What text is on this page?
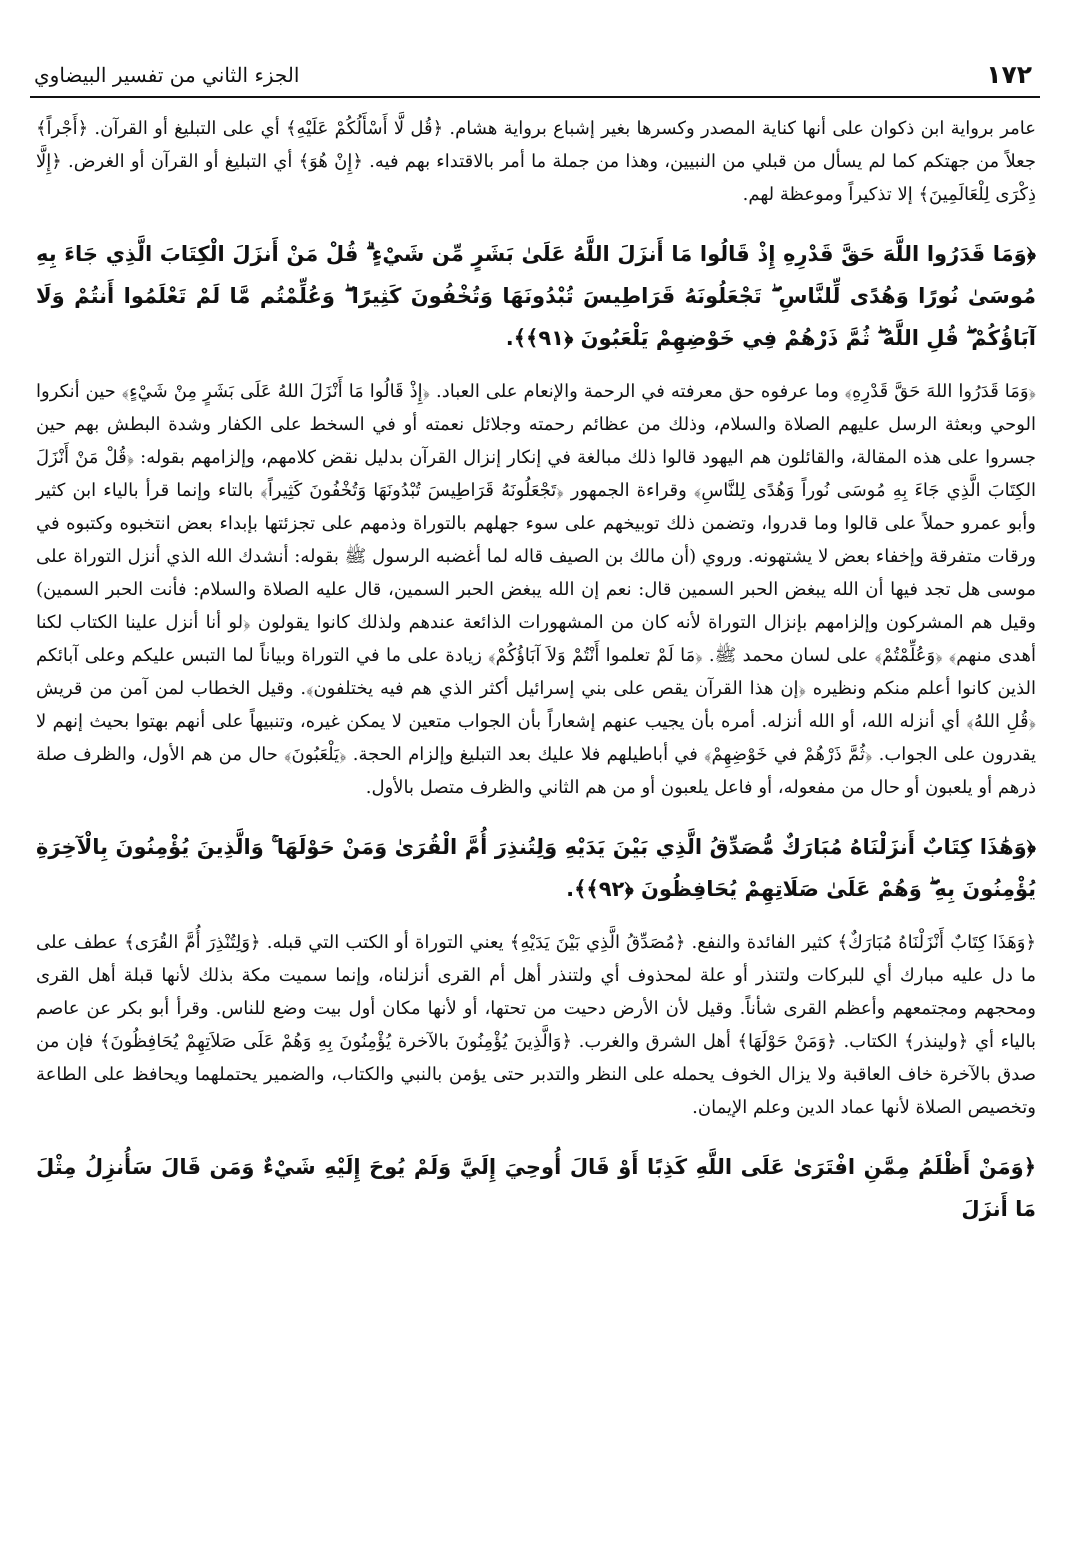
١٧٢
الجزء الثاني من تفسير البيضاوي

عامر برواية ابن ذكوان على أنها كناية المصدر وكسرها بغير إشباع برواية هشام. ﴿قُل لَّا أَسْأَلُكُمْ عَلَيْهِ﴾ أي على التبليغ أو القرآن. ﴿أَجْراً﴾ جعلاً من جهتكم كما لم يسأل من قبلي من النبيين، وهذا من جملة ما أمر بالاقتداء بهم فيه. ﴿إِنْ هُوَ﴾ أي التبليغ أو القرآن أو الغرض. ﴿إِلَّا ذِكْرَى لِلْعَالَمِينَ﴾ إلا تذكيراً وموعظة لهم.

﴿وَمَا قَدَرُوا اللَّهَ حَقَّ قَدْرِهِ إِذْ قَالُوا مَا أَنزَلَ اللَّهُ عَلَىٰ بَشَرٍ مِّن شَيْءٍ ۗ قُلْ مَنْ أَنزَلَ الْكِتَابَ الَّذِي جَاءَ بِهِ مُوسَىٰ نُورًا وَهُدًى لِّلنَّاسِ ۖ تَجْعَلُونَهُ قَرَاطِيسَ تُبْدُونَهَا وَتُخْفُونَ كَثِيرًا ۖ وَعُلِّمْتُم مَّا لَمْ تَعْلَمُوا أَنتُمْ وَلَا آبَاؤُكُمْ ۖ قُلِ اللَّهُ ۖ ثُمَّ ذَرْهُمْ فِي خَوْضِهِمْ يَلْعَبُونَ ﴿٩١﴾﴾.

﴿وَمَا قَدَرُوا اللهَ حَقَّ قَدْرِهِ﴾ وما عرفوه حق معرفته في الرحمة والإنعام على العباد. ﴿إِذْ قَالُوا مَا أَنْزَلَ اللهُ عَلَى بَشَرٍ مِنْ شَيْءٍ﴾ حين أنكروا الوحي وبعثة الرسل عليهم الصلاة والسلام، وذلك من عظائم رحمته وجلائل نعمته أو في السخط على الكفار وشدة البطش بهم حين جسروا على هذه المقالة، والقائلون هم اليهود قالوا ذلك مبالغة في إنكار إنزال القرآن بدليل نقض كلامهم، وإلزامهم بقوله: ﴿قُلْ مَنْ أَنْزَلَ الكِتَابَ الَّذِي جَاءَ بِهِ مُوسَى نُوراً وَهُدًى لِلنَّاسِ﴾ وقراءة الجمهور ﴿تَجْعَلُونَهُ قَرَاطِيسَ تُبْدُونَهَا وَتُخْفُونَ كَثِيراً﴾ بالتاء وإنما قرأ بالياء ابن كثير وأبو عمرو حملاً على قالوا وما قدروا، وتضمن ذلك توبيخهم على سوء جهلهم بالتوراة وذمهم على تجزئتها بإبداء بعض انتخبوه وكتبوه في ورقات متفرقة وإخفاء بعض لا يشتهونه. وروي (أن مالك بن الصيف قاله لما أغضبه الرسول ﷺ بقوله: أنشدك الله الذي أنزل التوراة على موسى هل تجد فيها أن الله يبغض الحبر السمين قال: نعم إن الله يبغض الحبر السمين، قال عليه الصلاة والسلام: فأنت الحبر السمين) وقيل هم المشركون وإلزامهم بإنزال التوراة لأنه كان من المشهورات الذائعة عندهم ولذلك كانوا يقولون ﴿لو أنا أنزل علينا الكتاب لكنا أهدى منهم﴾ ﴿وَعُلِّمْتُمْ﴾ على لسان محمد ﷺ. ﴿مَا لَمْ تعلموا أَنْتُمْ وَلاَ آبَاؤُكُمْ﴾ زيادة على ما في التوراة وبياناً لما التبس عليكم وعلى آبائكم الذين كانوا أعلم منكم ونظيره ﴿إن هذا القرآن يقص على بني إسرائيل أكثر الذي هم فيه يختلفون﴾. وقيل الخطاب لمن آمن من قريش ﴿قُلِ اللهُ﴾ أي أنزله الله، أو الله أنزله. أمره بأن يجيب عنهم إشعاراً بأن الجواب متعين لا يمكن غيره، وتنبيهاً على أنهم بهتوا بحيث إنهم لا يقدرون على الجواب. ﴿ثُمَّ ذَرْهُمْ في خَوْضِهِمْ﴾ في أباطيلهم فلا عليك بعد التبليغ وإلزام الحجة. ﴿يَلْعَبُونَ﴾ حال من هم الأول، والظرف صلة ذرهم أو يلعبون أو حال من مفعوله، أو فاعل يلعبون أو من هم الثاني والظرف متصل بالأول.

﴿وَهَٰذَا كِتَابٌ أَنزَلْنَاهُ مُبَارَكٌ مُّصَدِّقُ الَّذِي بَيْنَ يَدَيْهِ وَلِتُنذِرَ أُمَّ الْقُرَىٰ وَمَنْ حَوْلَهَا ۚ وَالَّذِينَ يُؤْمِنُونَ بِالْآخِرَةِ يُؤْمِنُونَ بِهِ ۖ وَهُمْ عَلَىٰ صَلَاتِهِمْ يُحَافِظُونَ ﴿٩٢﴾﴾.

﴿وَهَذَا كِتَابٌ أَنْزَلْنَاهُ مُبَارَكٌ﴾ كثير الفائدة والنفع. ﴿مُصَدِّقُ الَّذِي بَيْنَ يَدَيْهِ﴾ يعني التوراة أو الكتب التي قبله. ﴿وَلِتُنْذِرَ أُمَّ القُرَى﴾ عطف على ما دل عليه مبارك أي للبركات ولتنذر أو علة لمحذوف أي ولتنذر أهل أم القرى أنزلناه، وإنما سميت مكة بذلك لأنها قبلة أهل القرى ومحجهم ومجتمعهم وأعظم القرى شأناً. وقيل لأن الأرض دحيت من تحتها، أو لأنها مكان أول بيت وضع للناس. وقرأ أبو بكر عن عاصم بالياء أي ﴿ولينذر﴾ الكتاب. ﴿وَمَنْ حَوْلَهَا﴾ أهل الشرق والغرب. ﴿وَالَّذِينَ يُؤْمِنُونَ بالآخرة يُؤْمِنُونَ بِهِ وَهُمْ عَلَى صَلاَتِهِمْ يُحَافِظُونَ﴾ فإن من صدق بالآخرة خاف العاقبة ولا يزال الخوف يحمله على النظر والتدبر حتى يؤمن بالنبي والكتاب، والضمير يحتملهما ويحافظ على الطاعة وتخصيص الصلاة لأنها عماد الدين وعلم الإيمان.

﴿وَمَنْ أَظْلَمُ مِمَّنِ افْتَرَىٰ عَلَى اللَّهِ كَذِبًا أَوْ قَالَ أُوحِيَ إِلَيَّ وَلَمْ يُوحَ إِلَيْهِ شَيْءٌ وَمَن قَالَ سَأُنزِلُ مِثْلَ مَا أَنزَلَ
